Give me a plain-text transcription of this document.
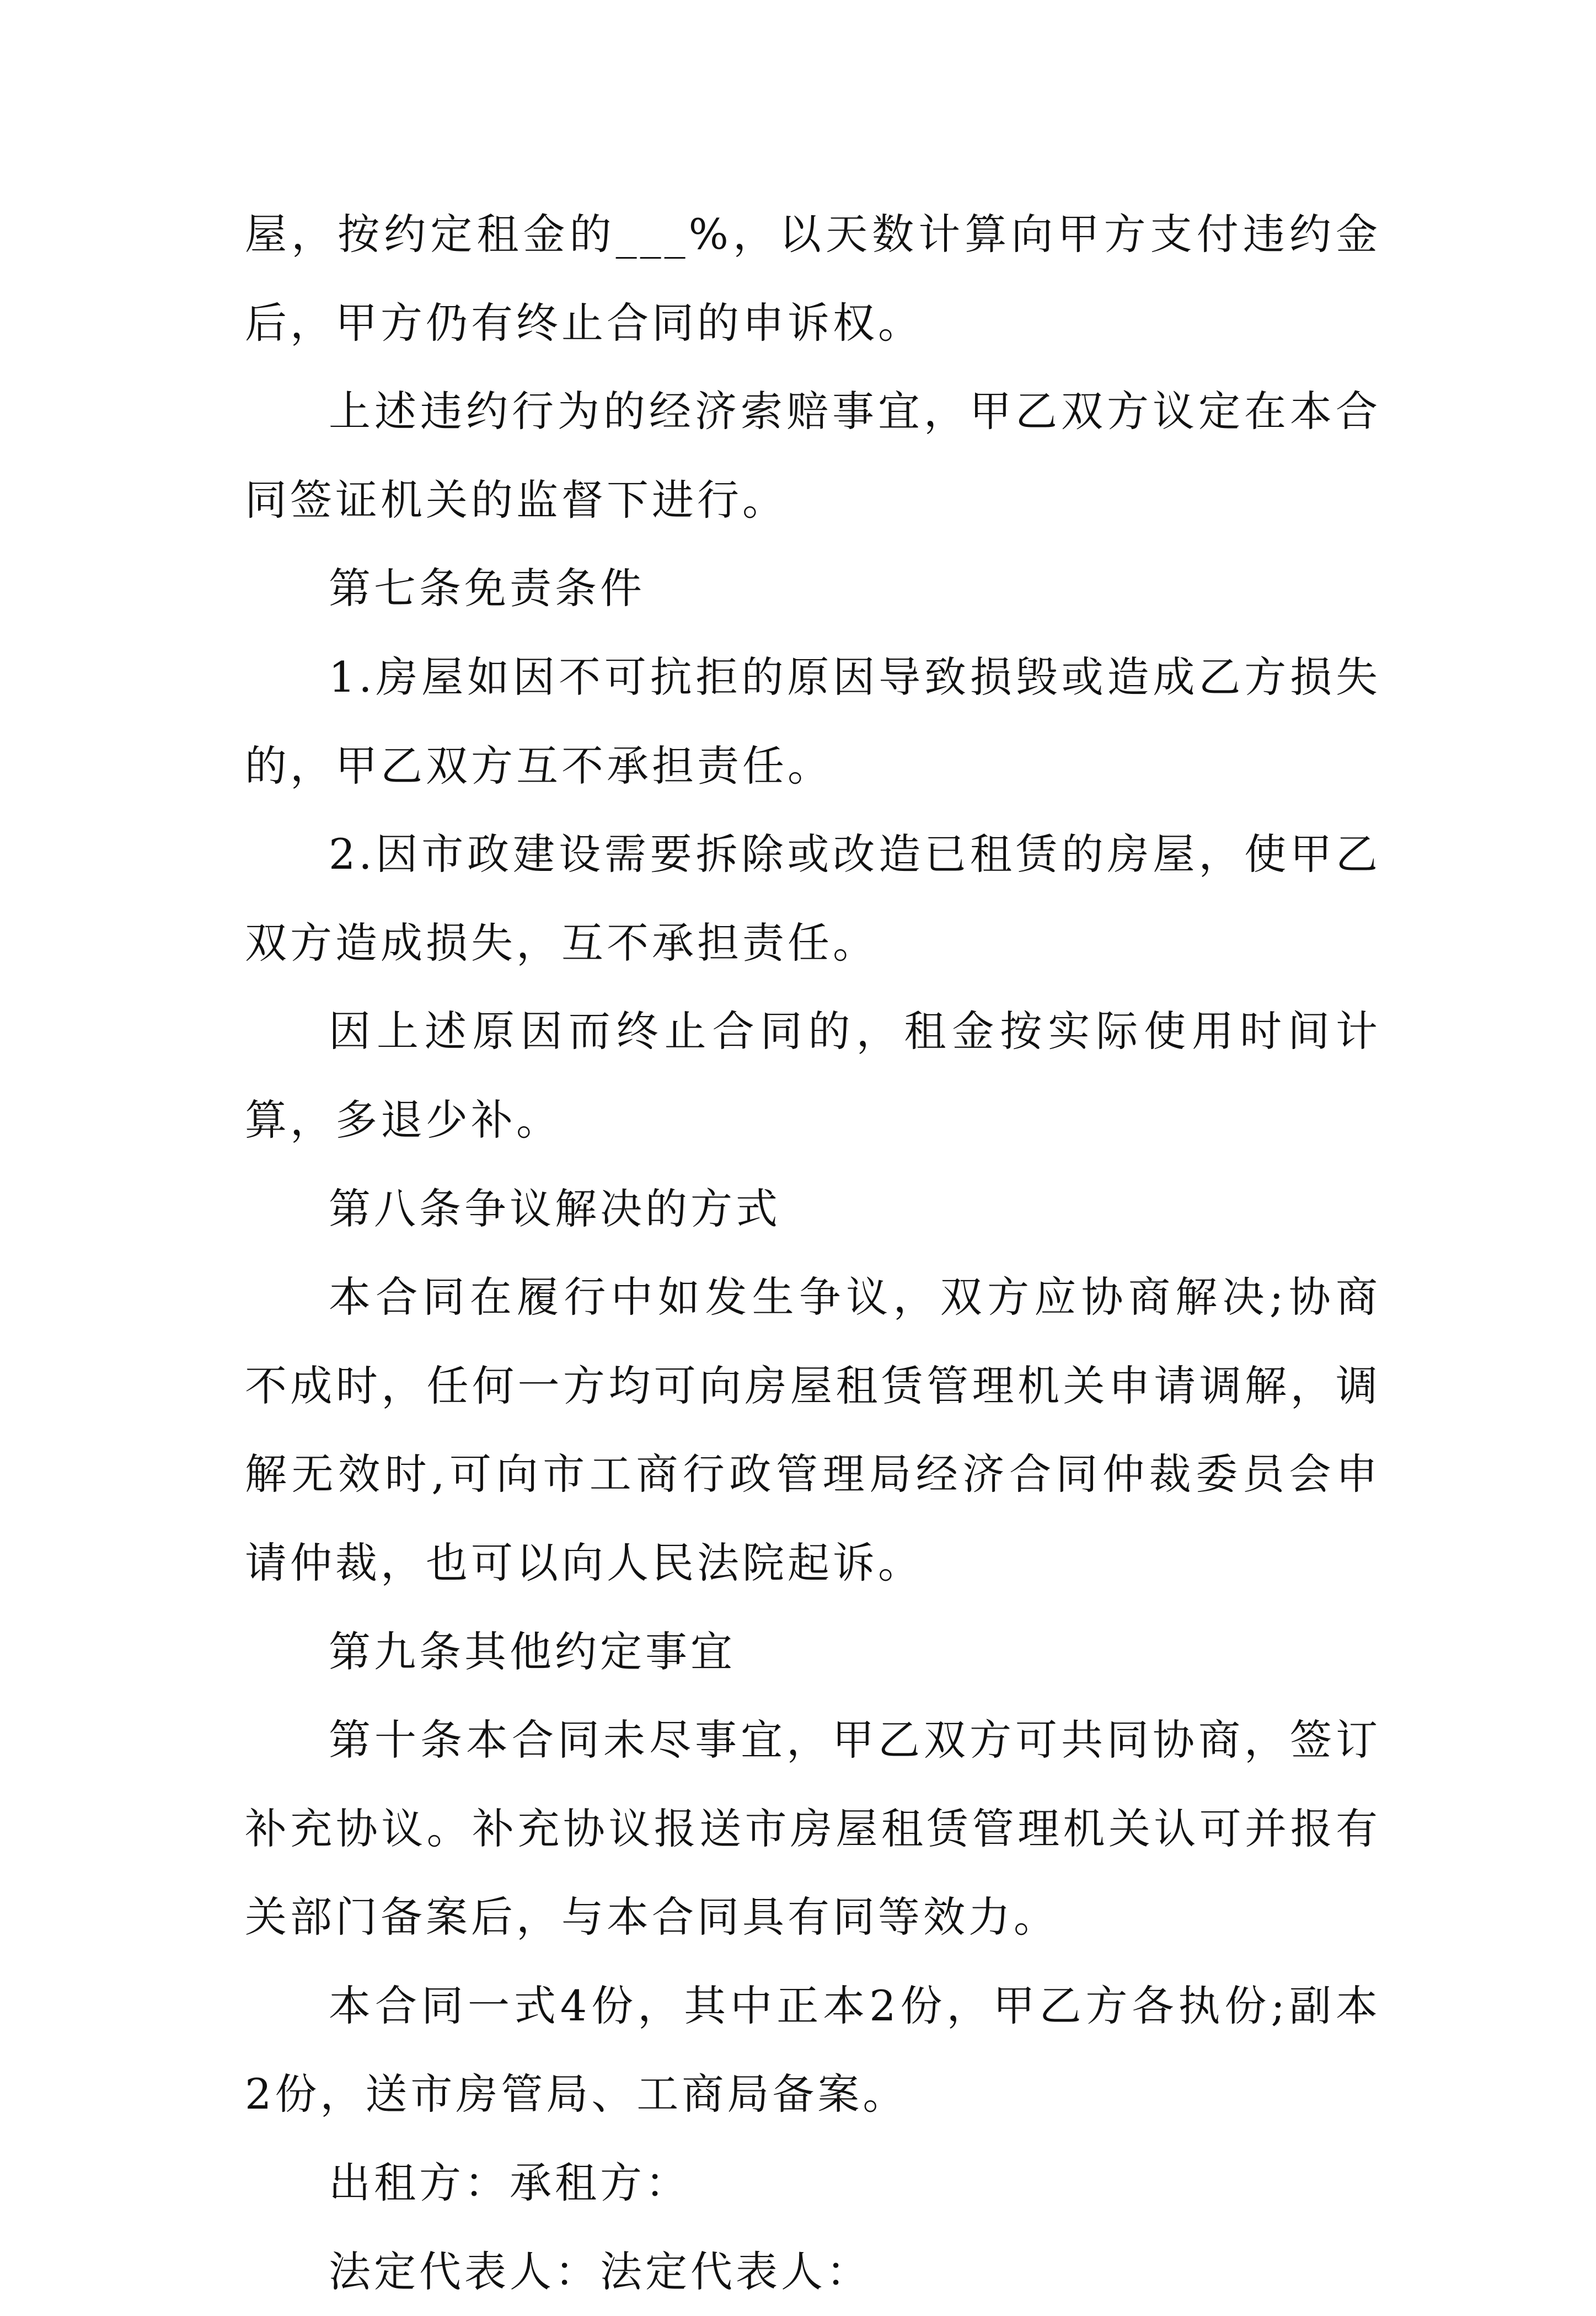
屋，按约定租金的___%，以天数计算向甲方支付违约金后，甲方仍有终止合同的申诉权。

上述违约行为的经济索赔事宜，甲乙双方议定在本合同签证机关的监督下进行。

第七条免责条件

1.房屋如因不可抗拒的原因导致损毁或造成乙方损失的，甲乙双方互不承担责任。

2.因市政建设需要拆除或改造已租赁的房屋，使甲乙双方造成损失，互不承担责任。

因上述原因而终止合同的，租金按实际使用时间计算，多退少补。

第八条争议解决的方式

本合同在履行中如发生争议，双方应协商解决;协商不成时，任何一方均可向房屋租赁管理机关申请调解，调解无效时,可向市工商行政管理局经济合同仲裁委员会申请仲裁，也可以向人民法院起诉。

第九条其他约定事宜

第十条本合同未尽事宜，甲乙双方可共同协商，签订补充协议。补充协议报送市房屋租赁管理机关认可并报有关部门备案后，与本合同具有同等效力。

本合同一式4份，其中正本2份，甲乙方各执份;副本2份，送市房管局、工商局备案。

出租方：承租方：

法定代表人：法定代表人：
